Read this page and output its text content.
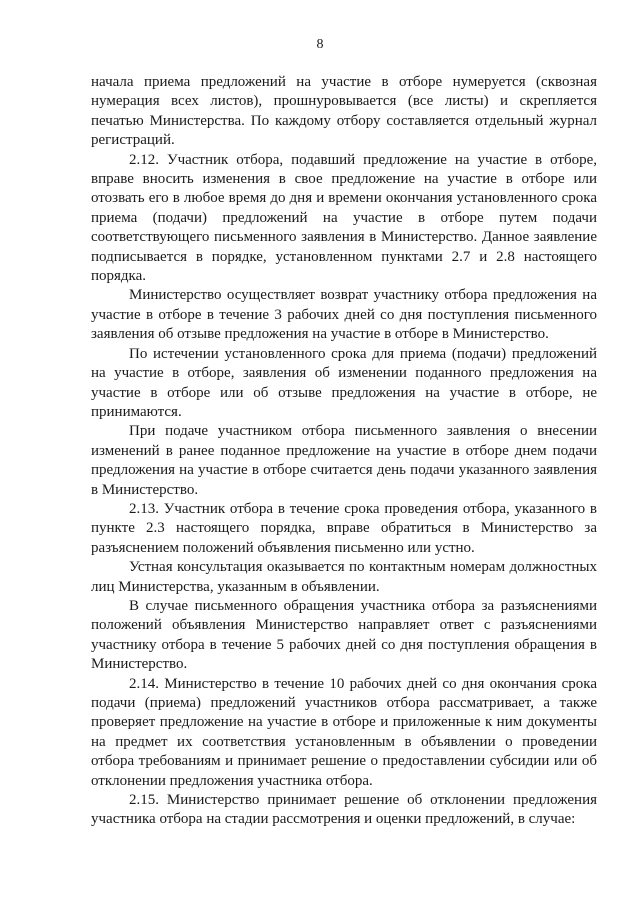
8

начала приема предложений на участие в отборе нумеруется (сквозная нумерация всех листов), прошнуровывается (все листы) и скрепляется печатью Министерства. По каждому отбору составляется отдельный журнал регистраций.

2.12. Участник отбора, подавший предложение на участие в отборе, вправе вносить изменения в свое предложение на участие в отборе или отозвать его в любое время до дня и времени окончания установленного срока приема (подачи) предложений на участие в отборе путем подачи соответствующего письменного заявления в Министерство. Данное заявление подписывается в порядке, установленном пунктами 2.7 и 2.8 настоящего порядка.

Министерство осуществляет возврат участнику отбора предложения на участие в отборе в течение 3 рабочих дней со дня поступления письменного заявления об отзыве предложения на участие в отборе в Министерство.

По истечении установленного срока для приема (подачи) предложений на участие в отборе, заявления об изменении поданного предложения на участие в отборе или об отзыве предложения на участие в отборе, не принимаются.

При подаче участником отбора письменного заявления о внесении изменений в ранее поданное предложение на участие в отборе днем подачи предложения на участие в отборе считается день подачи указанного заявления в Министерство.

2.13. Участник отбора в течение срока проведения отбора, указанного в пункте 2.3 настоящего порядка, вправе обратиться в Министерство за разъяснением положений объявления письменно или устно.

Устная консультация оказывается по контактным номерам должностных лиц Министерства, указанным в объявлении.

В случае письменного обращения участника отбора за разъяснениями положений объявления Министерство направляет ответ с разъяснениями участнику отбора в течение 5 рабочих дней со дня поступления обращения в Министерство.

2.14. Министерство в течение 10 рабочих дней со дня окончания срока подачи (приема) предложений участников отбора рассматривает, а также проверяет предложение на участие в отборе и приложенные к ним документы на предмет их соответствия установленным в объявлении о проведении отбора требованиям и принимает решение о предоставлении субсидии или об отклонении предложения участника отбора.

2.15. Министерство принимает решение об отклонении предложения участника отбора на стадии рассмотрения и оценки предложений, в случае:
